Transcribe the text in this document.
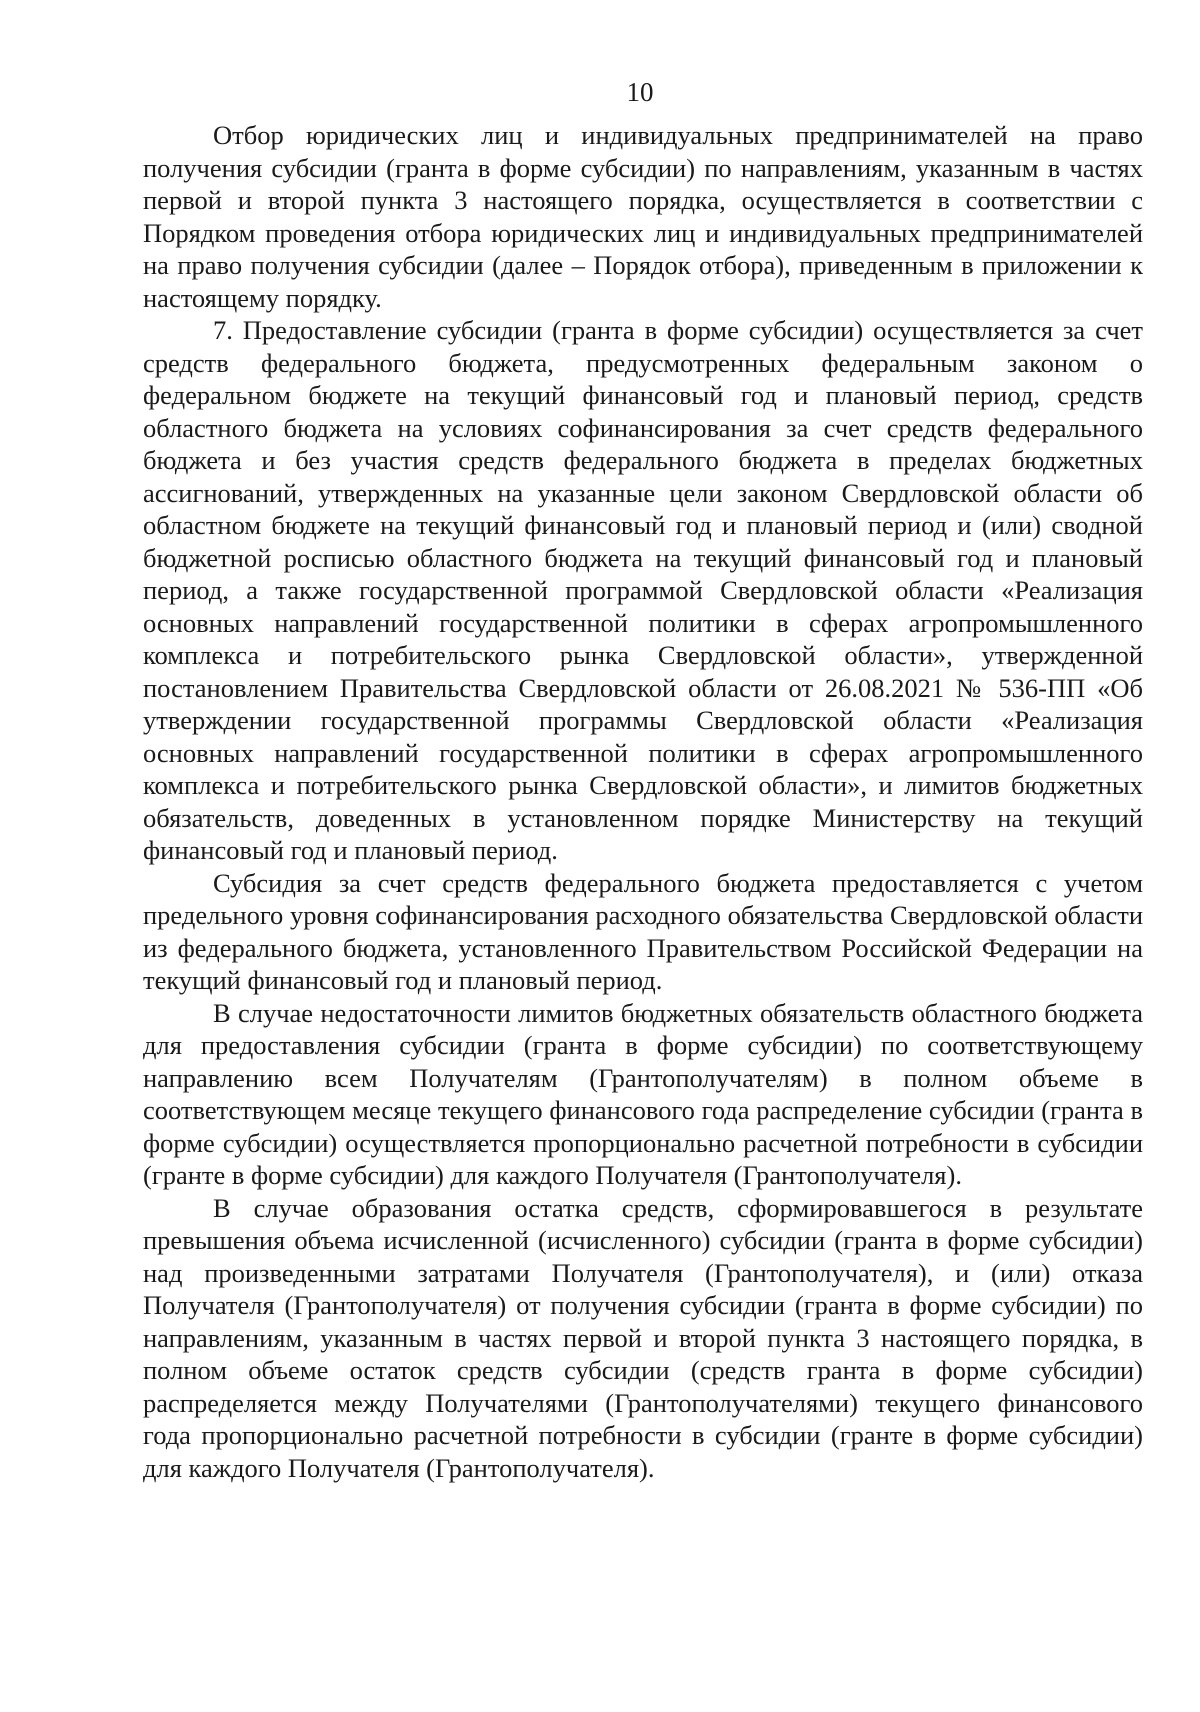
10

Отбор юридических лиц и индивидуальных предпринимателей на право получения субсидии (гранта в форме субсидии) по направлениям, указанным в частях первой и второй пункта 3 настоящего порядка, осуществляется в соответствии с Порядком проведения отбора юридических лиц и индивидуальных предпринимателей на право получения субсидии (далее – Порядок отбора), приведенным в приложении к настоящему порядку.

7. Предоставление субсидии (гранта в форме субсидии) осуществляется за счет средств федерального бюджета, предусмотренных федеральным законом о федеральном бюджете на текущий финансовый год и плановый период, средств областного бюджета на условиях софинансирования за счет средств федерального бюджета и без участия средств федерального бюджета в пределах бюджетных ассигнований, утвержденных на указанные цели законом Свердловской области об областном бюджете на текущий финансовый год и плановый период и (или) сводной бюджетной росписью областного бюджета на текущий финансовый год и плановый период, а также государственной программой Свердловской области «Реализация основных направлений государственной политики в сферах агропромышленного комплекса и потребительского рынка Свердловской области», утвержденной постановлением Правительства Свердловской области от 26.08.2021 № 536-ПП «Об утверждении государственной программы Свердловской области «Реализация основных направлений государственной политики в сферах агропромышленного комплекса и потребительского рынка Свердловской области», и лимитов бюджетных обязательств, доведенных в установленном порядке Министерству на текущий финансовый год и плановый период.

Субсидия за счет средств федерального бюджета предоставляется с учетом предельного уровня софинансирования расходного обязательства Свердловской области из федерального бюджета, установленного Правительством Российской Федерации на текущий финансовый год и плановый период.

В случае недостаточности лимитов бюджетных обязательств областного бюджета для предоставления субсидии (гранта в форме субсидии) по соответствующему направлению всем Получателям (Грантополучателям) в полном объеме в соответствующем месяце текущего финансового года распределение субсидии (гранта в форме субсидии) осуществляется пропорционально расчетной потребности в субсидии (гранте в форме субсидии) для каждого Получателя (Грантополучателя).

В случае образования остатка средств, сформировавшегося в результате превышения объема исчисленной (исчисленного) субсидии (гранта в форме субсидии) над произведенными затратами Получателя (Грантополучателя), и (или) отказа Получателя (Грантополучателя) от получения субсидии (гранта в форме субсидии) по направлениям, указанным в частях первой и второй пункта 3 настоящего порядка, в полном объеме остаток средств субсидии (средств гранта в форме субсидии) распределяется между Получателями (Грантополучателями) текущего финансового года пропорционально расчетной потребности в субсидии (гранте в форме субсидии) для каждого Получателя (Грантополучателя).
